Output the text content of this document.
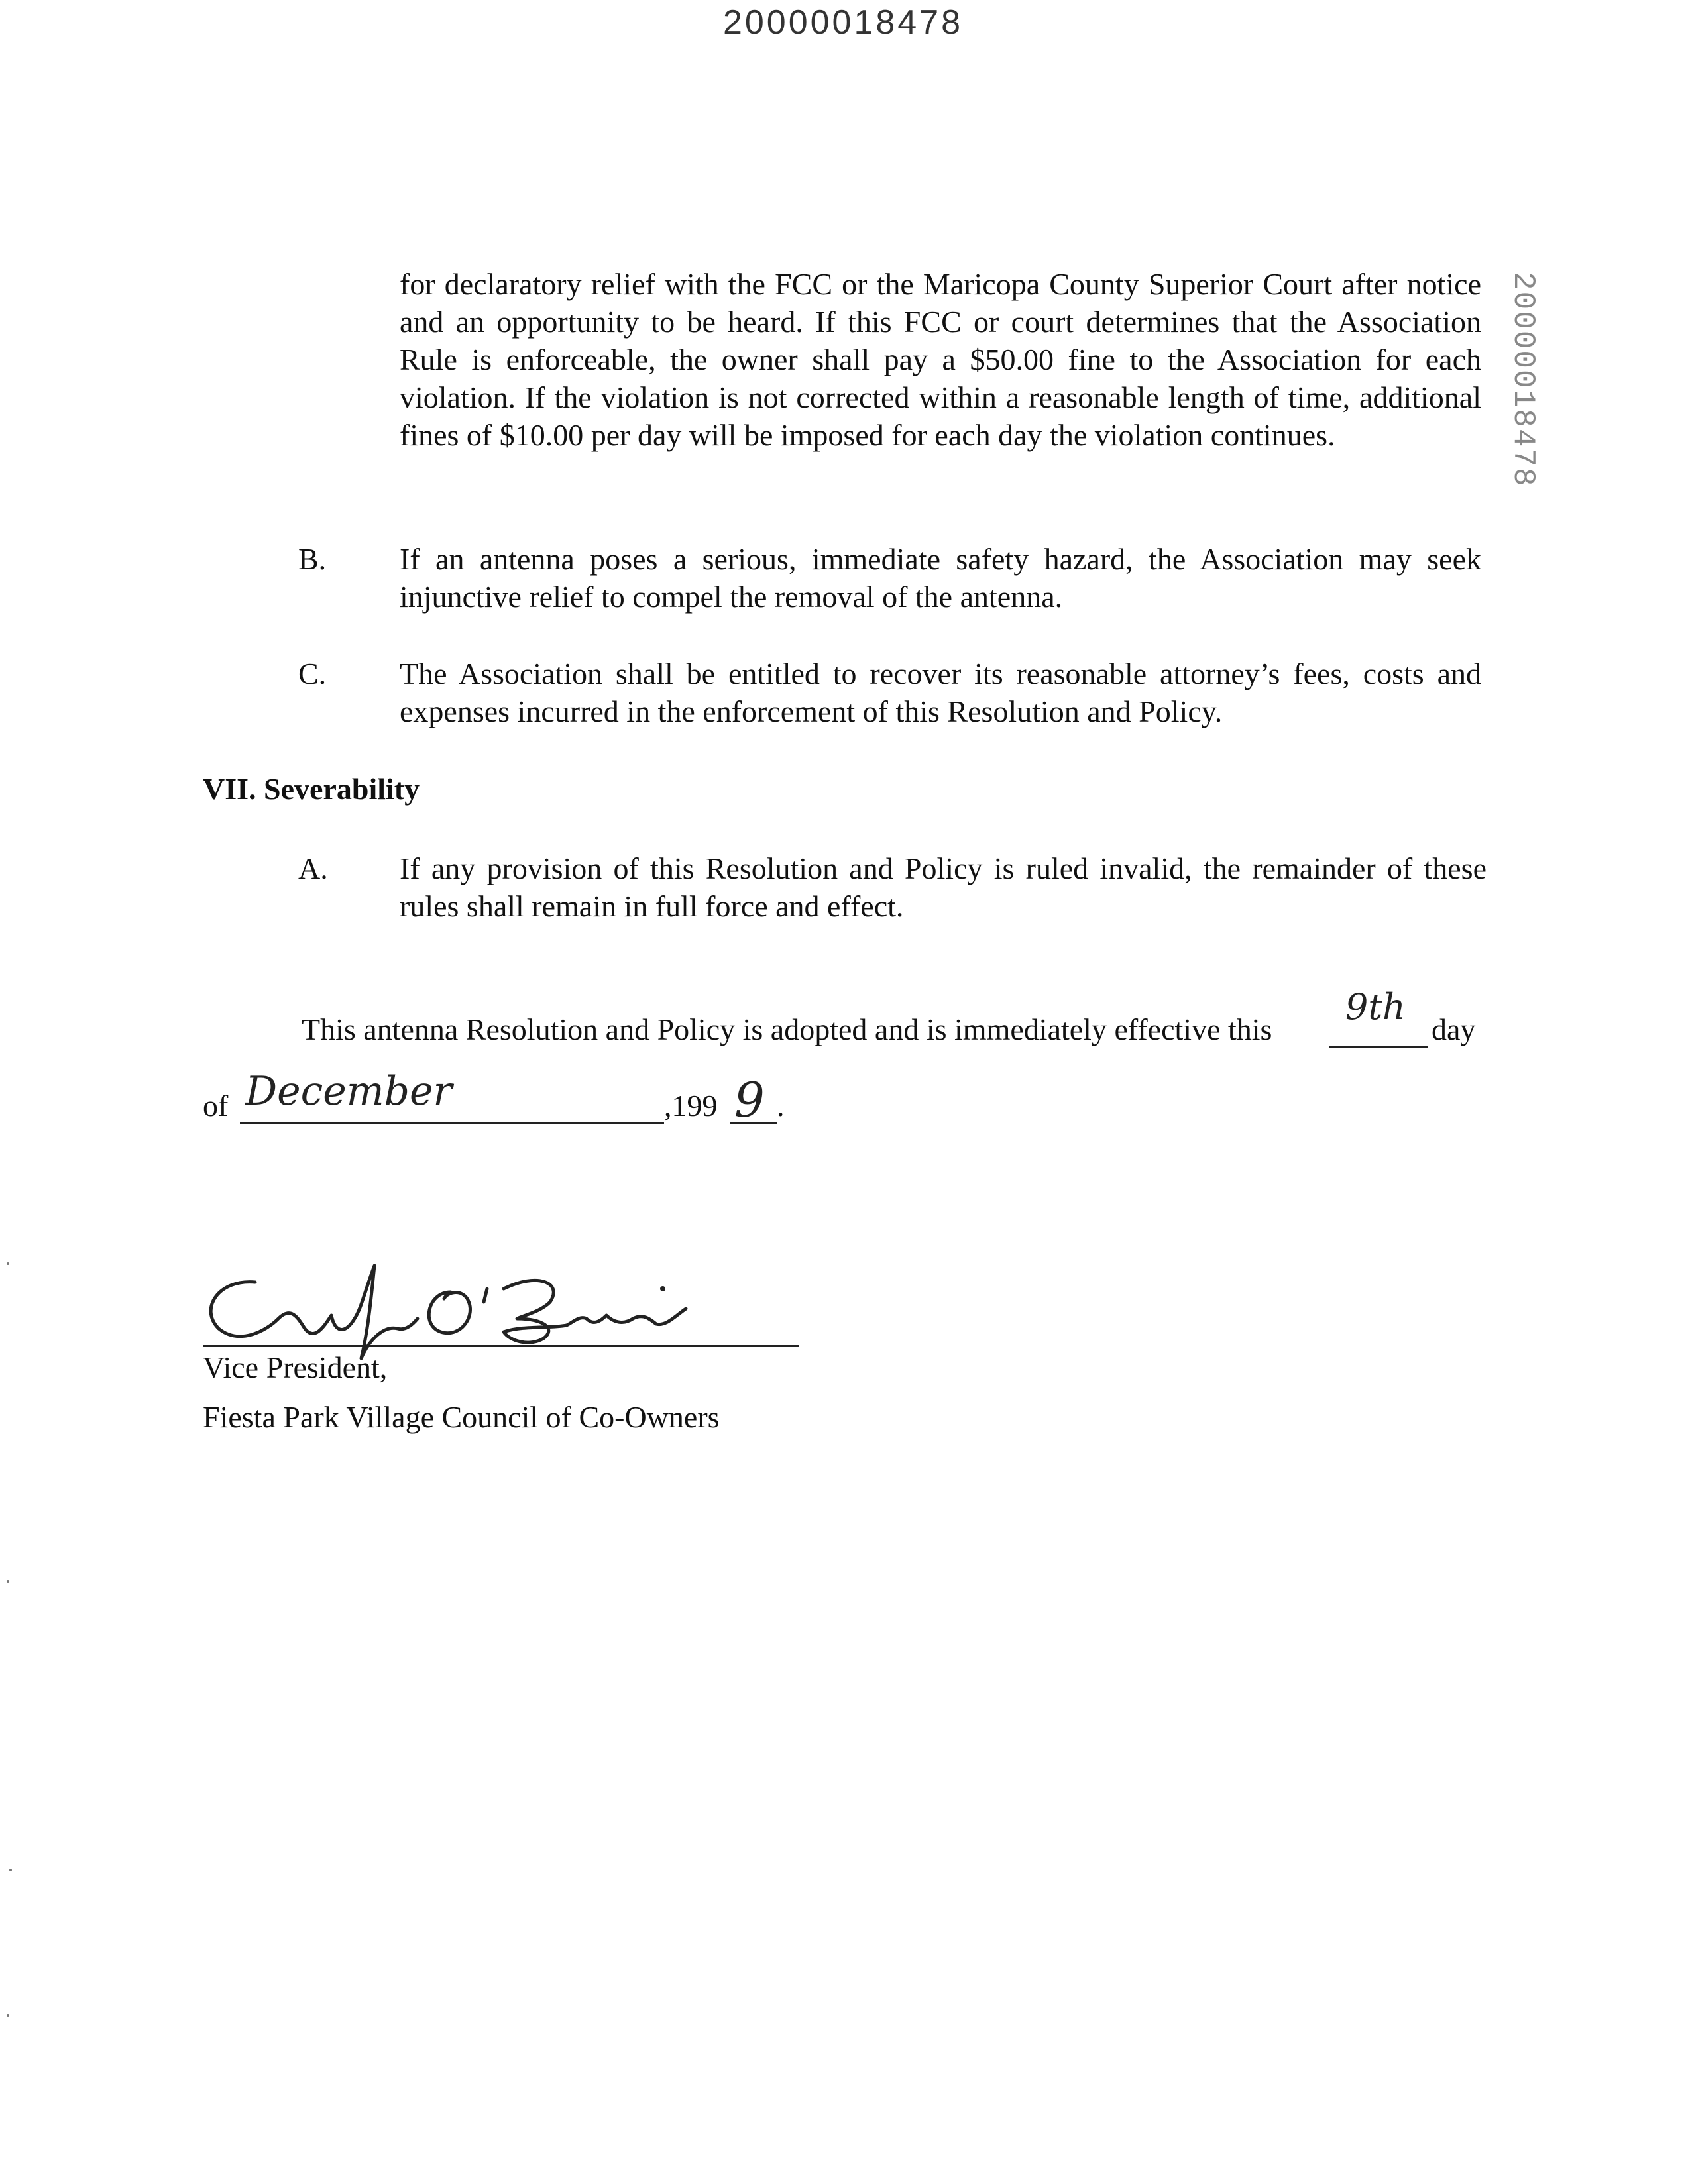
20000018478
20000018478

for declaratory relief with the FCC or the Maricopa County Superior Court after notice and an opportunity to be heard. If this FCC or court determines that the Association Rule is enforceable, the owner shall pay a $50.00 fine to the Association for each violation. If the violation is not corrected within a reasonable length of time, additional fines of $10.00 per day will be imposed for each day the violation continues.

B. If an antenna poses a serious, immediate safety hazard, the Association may seek injunctive relief to compel the removal of the antenna.

C. The Association shall be entitled to recover its reasonable attorney’s fees, costs and expenses incurred in the enforcement of this Resolution and Policy.

VII. Severability
A. If any provision of this Resolution and Policy is ruled invalid, the remainder of these rules shall remain in full force and effect.

This antenna Resolution and Policy is adopted and is immediately effective this
9th
day
of December	,199 9 .
Vice President,
Fiesta Park Village Council of Co-Owners
